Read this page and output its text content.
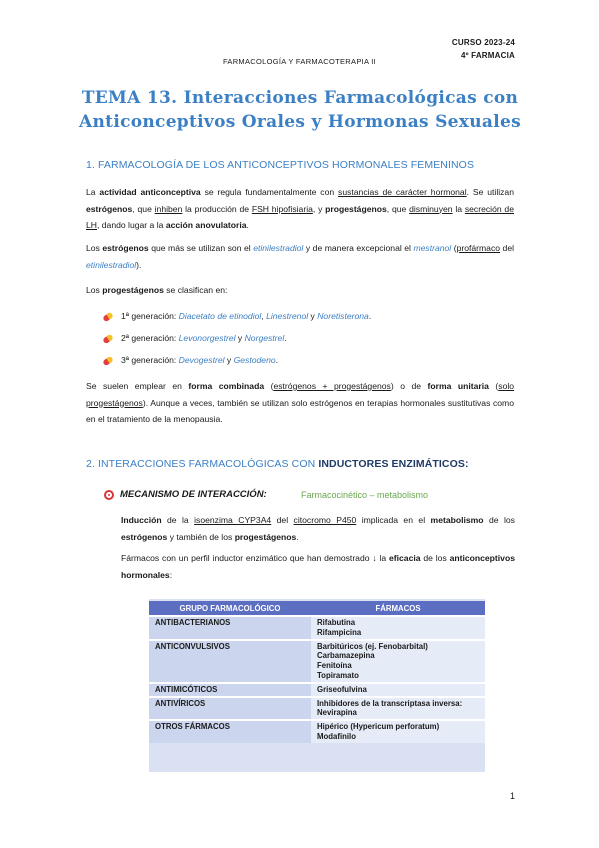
CURSO 2023-24
4º FARMACIA
FARMACOLOGÍA Y FARMACOTERAPIA II
TEMA 13. Interacciones Farmacológicas con
Anticonceptivos Orales y Hormonas Sexuales
1. FARMACOLOGÍA DE LOS ANTICONCEPTIVOS HORMONALES FEMENINOS
La actividad anticonceptiva se regula fundamentalmente con sustancias de carácter hormonal. Se utilizan estrógenos, que inhiben la producción de FSH hipofisiaria, y progestágenos, que disminuyen la secreción de LH, dando lugar a la acción anovulatoria.
Los estrógenos que más se utilizan son el etinilestradiol y de manera excepcional el mestranol (profármaco del etinilestradiol).
Los progestágenos se clasifican en:
1ª generación: Diacetato de etinodiol, Linestrenol y Noretisterona.
2ª generación: Levonorgestrel y Norgestrel.
3ª generación: Devogestrel y Gestodeno.
Se suelen emplear en forma combinada (estrógenos + progestágenos) o de forma unitaria (solo progestágenos). Aunque a veces, también se utilizan solo estrógenos en terapias hormonales sustitutivas como en el tratamiento de la menopausia.
2. INTERACCIONES FARMACOLÓGICAS CON INDUCTORES ENZIMÁTICOS:
MECANISMO DE INTERACCIÓN:	Farmacocinético – metabolismo
Inducción de la isoenzima CYP3A4 del citocromo P450 implicada en el metabolismo de los estrógenos y también de los progestágenos.
Fármacos con un perfil inductor enzimático que han demostrado ↓ la eficacia de los anticonceptivos hormonales:
GRUPO FARMACOLÓGICO	FÁRMACOS
ANTIBACTERIANOS	Rifabutina
Rifampicina

ANTICONVULSIVOS	Barbitúricos (ej. Fenobarbital)
Carbamazepina
Fenitoína
Topiramato

ANTIMICÓTICOS	Griseofulvina

ANTIVÍRICOS	Inhibidores de la transcriptasa inversa: Nevirapina

OTROS FÁRMACOS	Hipérico (Hypericum perforatum)
Modafinilo
1
